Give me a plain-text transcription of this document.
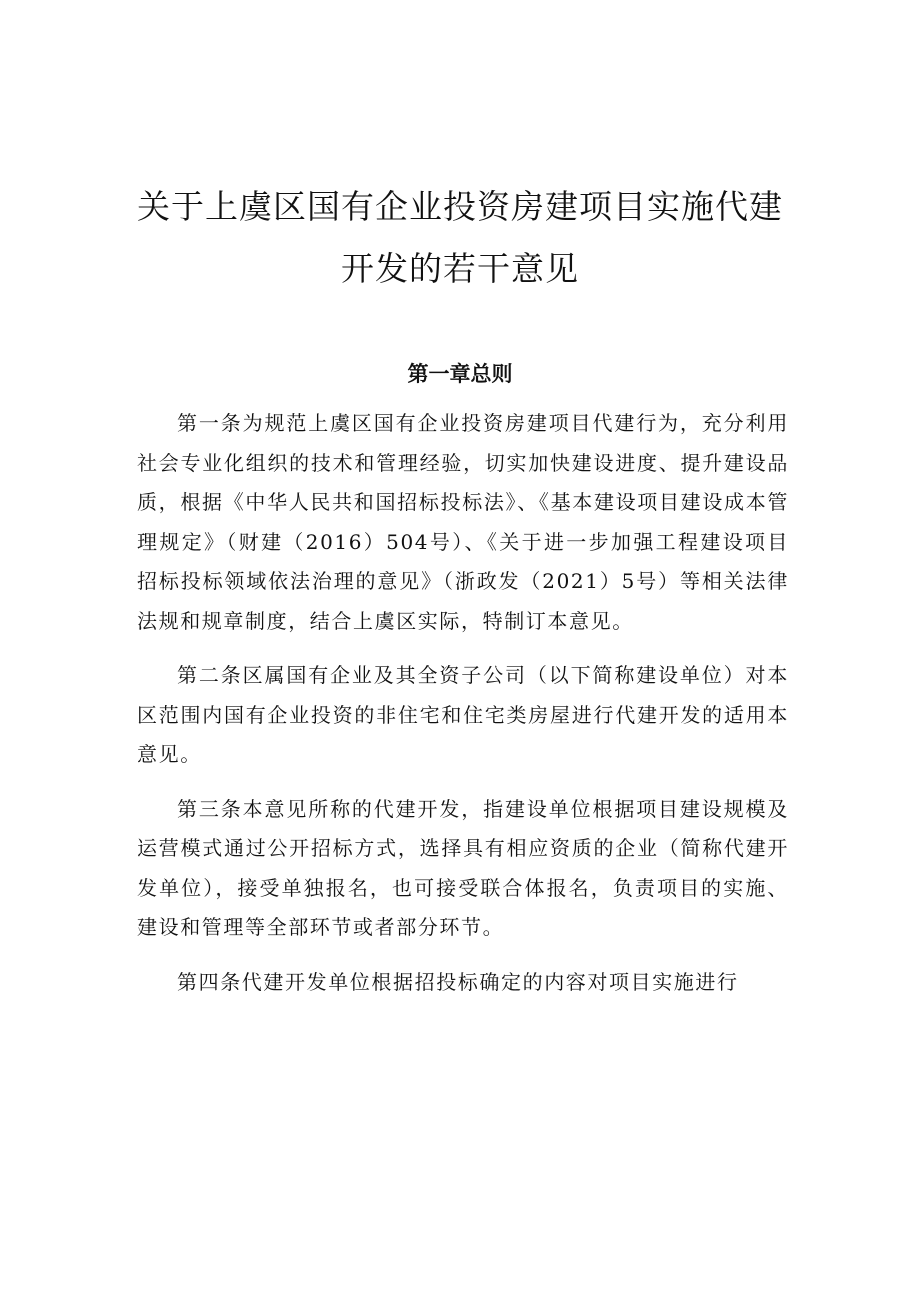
关于上虞区国有企业投资房建项目实施代建
开发的若干意见
第一章总则

第一条为规范上虞区国有企业投资房建项目代建行为，充分利用社会专业化组织的技术和管理经验，切实加快建设进度、提升建设品质，根据《中华人民共和国招标投标法》、《基本建设项目建设成本管理规定》（财建（2016）504号）、《关于进一步加强工程建设项目招标投标领域依法治理的意见》（浙政发（2021）5号）等相关法律法规和规章制度，结合上虞区实际，特制订本意见。

第二条区属国有企业及其全资子公司（以下简称建设单位）对本区范围内国有企业投资的非住宅和住宅类房屋进行代建开发的适用本意见。

第三条本意见所称的代建开发，指建设单位根据项目建设规模及运营模式通过公开招标方式，选择具有相应资质的企业（简称代建开发单位），接受单独报名，也可接受联合体报名，负责项目的实施、建设和管理等全部环节或者部分环节。

第四条代建开发单位根据招投标确定的内容对项目实施进行
